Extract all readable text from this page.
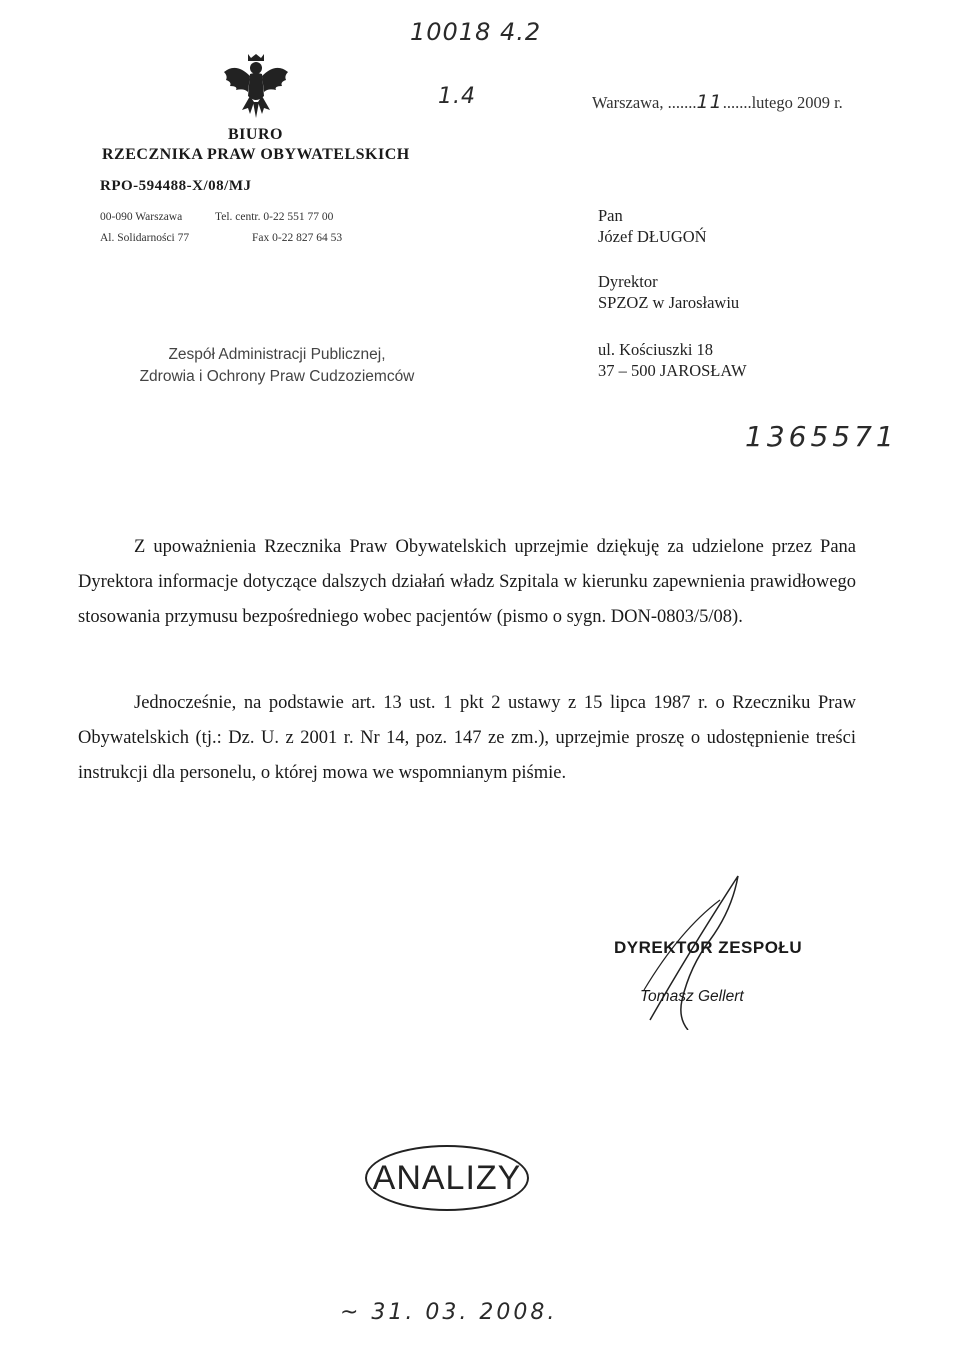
10018 4.2
1.4
BIURO
RZECZNIKA PRAW OBYWATELSKICH
RPO-594488-X/08/MJ
00-090 Warszawa
Al. Solidarności 77
Tel. centr. 0-22 551 77 00
Fax 0-22 827 64 53
Zespół Administracji Publicznej,
Zdrowia i Ochrony Praw Cudzoziemców
Warszawa, .......11.......lutego 2009 r.
Pan
Józef DŁUGOŃ
Dyrektor
SPZOZ w Jarosławiu
ul. Kościuszki 18
37 – 500 JAROSŁAW
1365571
Z upoważnienia Rzecznika Praw Obywatelskich uprzejmie dziękuję za udzielone przez Pana Dyrektora informacje dotyczące dalszych działań władz Szpitala w kierunku zapewnienia prawidłowego stosowania przymusu bezpośredniego wobec pacjentów (pismo o sygn. DON-0803/5/08).
Jednocześnie, na podstawie art. 13 ust. 1 pkt 2 ustawy z 15 lipca 1987 r. o Rzeczniku Praw Obywatelskich (tj.: Dz. U. z 2001 r. Nr 14, poz. 147 ze zm.), uprzejmie proszę o udostępnienie treści instrukcji dla personelu, o której mowa we wspomnianym piśmie.
DYREKTOR ZESPOŁU
Tomasz Gellert
ANALIZY
~ 31. 03. 2008.
